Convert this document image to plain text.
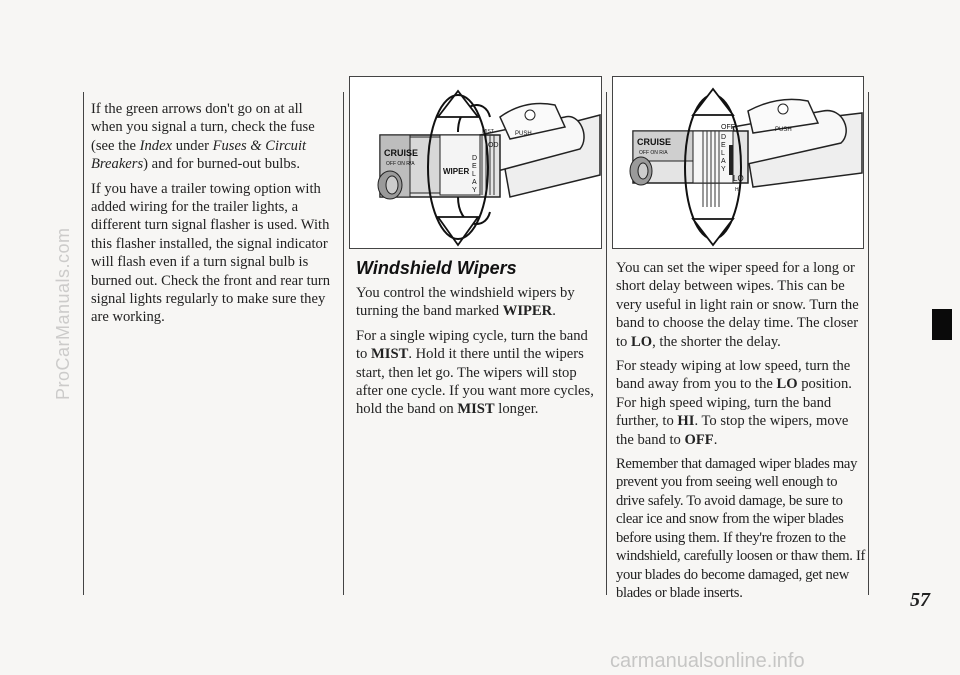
If the green arrows don't go on at all when you signal a turn, check the fuse (see the Index under Fuses & Circuit Breakers) and for burned-out bulbs.

If you have a trailer towing option with added wiring for the trailer lights, a different turn signal flasher is used. With this flasher installed, the signal indicator will flash even if a turn signal bulb is burned out. Check the front and rear turn signal lights regularly to make sure they are working.

CRUISE
OFF ON R/A
WIPER
OD
MIST	PUSH
D
E
L
A
Y
CRUISE
OFF ON R/A
OFF
LO
HI
PUSH
D
E
L
A
Y
Windshield Wipers

You control the windshield wipers by turning the band marked WIPER.

For a single wiping cycle, turn the band to MIST. Hold it there until the wipers start, then let go. The wipers will stop after one cycle. If you want more cycles, hold the band on MIST longer.

You can set the wiper speed for a long or short delay between wipes. This can be very useful in light rain or snow. Turn the band to choose the delay time. The closer to LO, the shorter the delay.

For steady wiping at low speed, turn the band away from you to the LO position. For high speed wiping, turn the band further, to HI. To stop the wipers, move the band to OFF.

Remember that damaged wiper blades may prevent you from seeing well enough to drive safely. To avoid damage, be sure to clear ice and snow from the wiper blades before using them. If they're frozen to the windshield, carefully loosen or thaw them. If your blades do become damaged, get new blades or blade inserts.	57
ProCarManuals.com
carmanualsonline.info
